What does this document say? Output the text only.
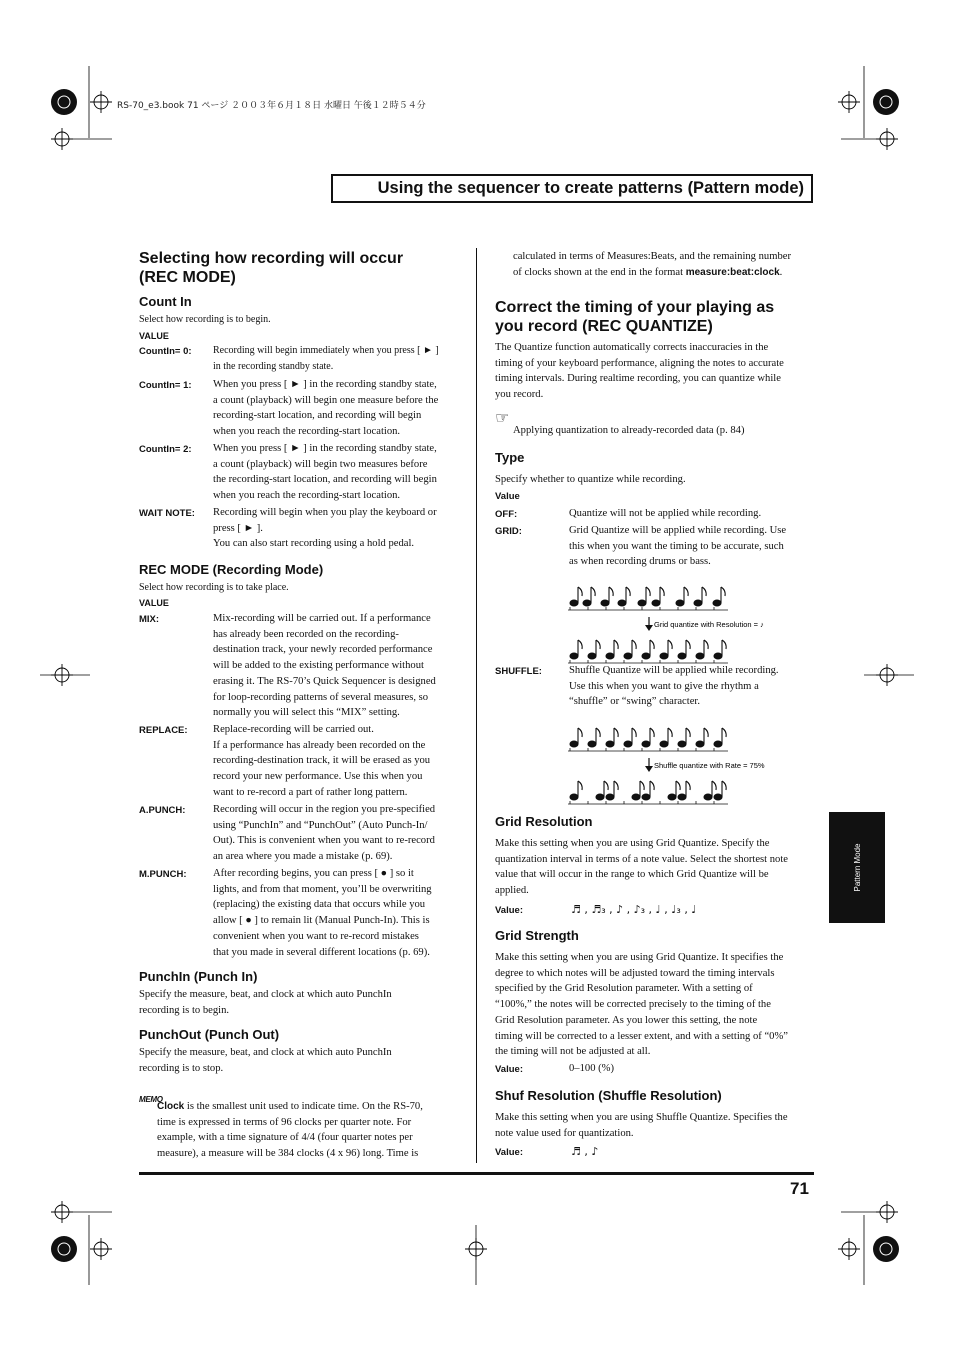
RS-70_e3.book 71 ページ ２００３年６月１８日 水曜日 午後１２時５４分
Using the sequencer to create patterns (Pattern mode)
Selecting how recording will occur
(REC MODE)
Count In
Select how recording is to begin.
VALUE
CountIn= 0: Recording will begin immediately when you press [ ► ]
in the recording standby state.
CountIn= 1: When you press [ ► ] in the recording standby state,
a count (playback) will begin one measure before the
recording-start location, and recording will begin
when you reach the recording-start location.
CountIn= 2: When you press [ ► ] in the recording standby state,
a count (playback) will begin two measures before
the recording-start location, and recording will begin
when you reach the recording-start location.
WAIT NOTE: Recording will begin when you play the keyboard or
press [ ► ].
You can also start recording using a hold pedal.
REC MODE (Recording Mode)
Select how recording is to take place.
VALUE
MIX:	Mix-recording will be carried out. If a performance
has already been recorded on the recording-
destination track, your newly recorded performance
will be added to the existing performance without
erasing it. The RS-70’s Quick Sequencer is designed
for loop-recording patterns of several measures, so
normally you will select this “MIX” setting.
REPLACE: Replace-recording will be carried out.
If a performance has already been recorded on the
recording-destination track, it will be erased as you
record your new performance. Use this when you
want to re-record a part of rather long pattern.
A.PUNCH:	Recording will occur in the region you pre-specified
using “PunchIn” and “PunchOut” (Auto Punch-In/
Out). This is convenient when you want to re-record
an area where you made a mistake (p. 69).
M.PUNCH:	After recording begins, you can press [ ● ] so it
lights, and from that moment, you’ll be overwriting
(replacing) the existing data that occurs while you
allow [ ● ] to remain lit (Manual Punch-In). This is
convenient when you want to re-record mistakes
that you made in several different locations (p. 69).
PunchIn (Punch In)
Specify the measure, beat, and clock at which auto PunchIn
recording is to begin.
PunchOut (Punch Out)
Specify the measure, beat, and clock at which auto PunchIn
recording is to stop.
MEMO
Clock is the smallest unit used to indicate time. On the RS-70,
time is expressed in terms of 96 clocks per quarter note. For
example, with a time signature of 4/4 (four quarter notes per
measure), a measure will be 384 clocks (4 x 96) long. Time is
calculated in terms of Measures:Beats, and the remaining number
of clocks shown at the end in the format measure:beat:clock.
Correct the timing of your playing as
you record (REC QUANTIZE)
The Quantize function automatically corrects inaccuracies in the
timing of your keyboard performance, aligning the notes to accurate
timing intervals. During realtime recording, you can quantize while
you record.
☞
Applying quantization to already-recorded data (p. 84)
Type
Specify whether to quantize while recording.
Value
OFF:	Quantize will not be applied while recording.
GRID:	Grid Quantize will be applied while recording. Use
this when you want the timing to be accurate, such
as when recording drums or bass.
Grid quantize with Resolution = ♪
SHUFFLE:	Shuffle Quantize will be applied while recording.
Use this when you want to give the rhythm a
“shuffle” or “swing” character.
Shuffle quantize with Rate = 75%
Grid Resolution
Make this setting when you are using Grid Quantize. Specify the
quantization interval in terms of a note value. Select the shortest note
value that will occur in the range to which Grid Quantize will be
applied.
Value:	♬ , ♬₃ , ♪ , ♪₃ , ♩ , ♩₃ , ♩
Grid Strength
Make this setting when you are using Grid Quantize. It specifies the
degree to which notes will be adjusted toward the timing intervals
specified by the Grid Resolution parameter. With a setting of
“100%,” the notes will be corrected precisely to the timing of the
Grid Resolution parameter. As you lower this setting, the note
timing will be corrected to a lesser extent, and with a setting of “0%”
the timing will not be adjusted at all.
Value:	0–100 (%)
Shuf Resolution (Shuffle Resolution)
Make this setting when you are using Shuffle Quantize. Specifies the
note value used for quantization.
Value:	♬ , ♪
Pattern Mode
71
